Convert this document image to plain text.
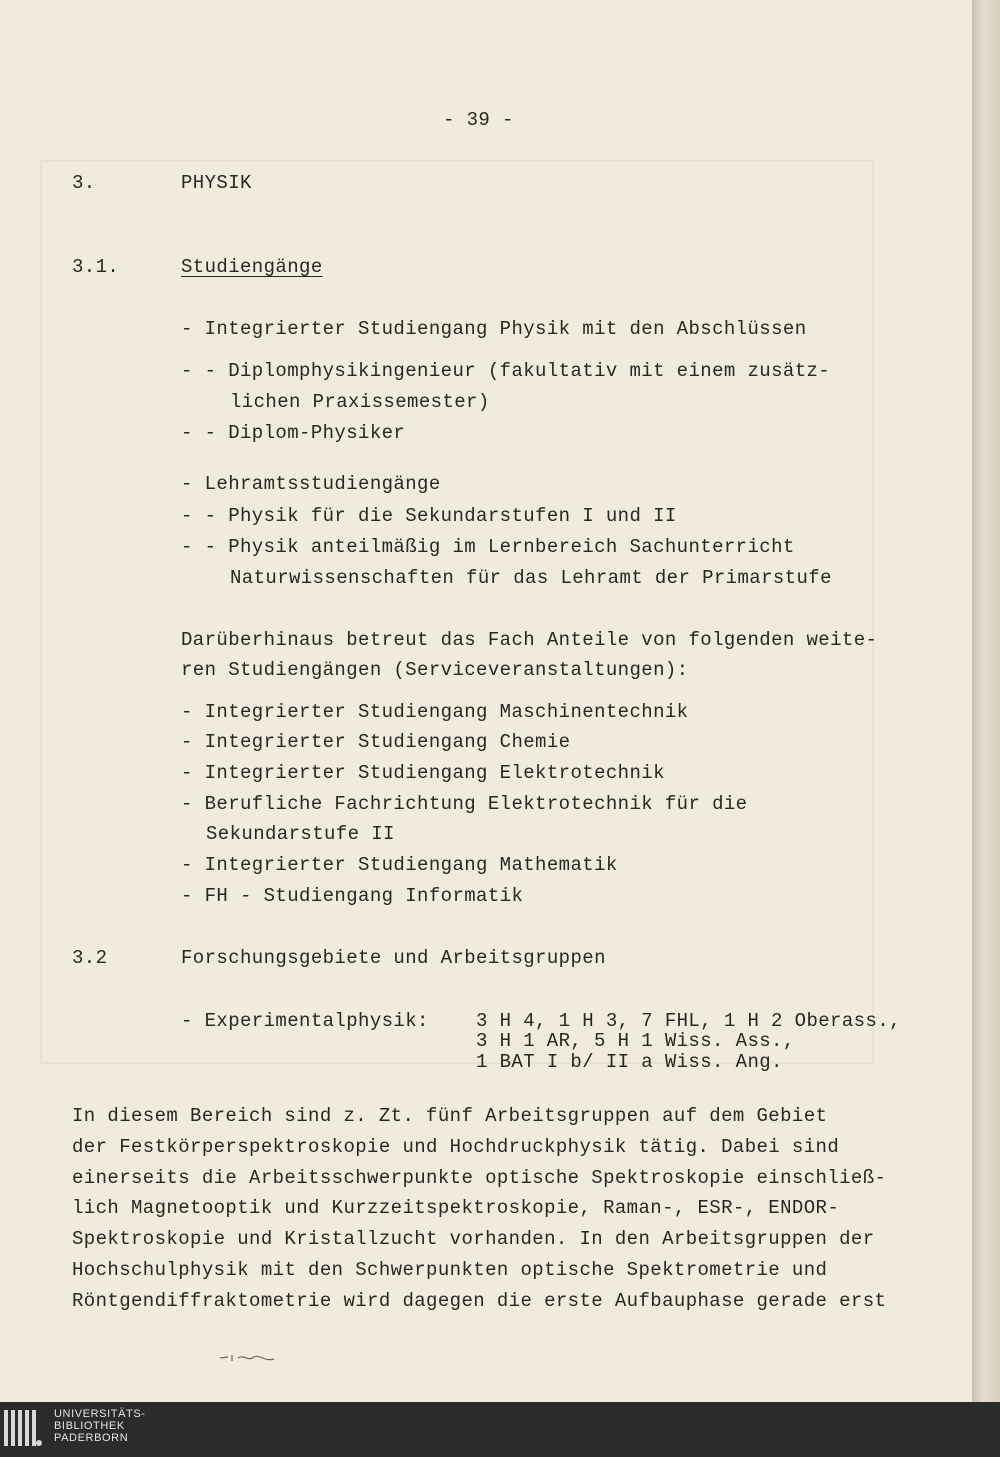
- 39 -
3.	PHYSIK
3.1.	Studiengänge
- Integrierter Studiengang Physik mit den Abschlüssen
- - Diplomphysikingenieur (fakultativ mit einem zusätz-
lichen Praxissemester)
- - Diplom-Physiker
- Lehramtsstudiengänge
- - Physik für die Sekundarstufen I und II
- - Physik anteilmäßig im Lernbereich Sachunterricht
Naturwissenschaften für das Lehramt der Primarstufe
Darüberhinaus betreut das Fach Anteile von folgenden weite-
ren Studiengängen (Serviceveranstaltungen):
- Integrierter Studiengang Maschinentechnik
- Integrierter Studiengang Chemie
- Integrierter Studiengang Elektrotechnik
- Berufliche Fachrichtung Elektrotechnik für die
Sekundarstufe II
- Integrierter Studiengang Mathematik
- FH - Studiengang Informatik
3.2	Forschungsgebiete und Arbeitsgruppen
- Experimentalphysik: 3 H 4, 1 H 3, 7 FHL, 1 H 2 Oberass.,
3 H 1 AR, 5 H 1 Wiss. Ass.,
1 BAT I b/ II a Wiss. Ang.
In diesem Bereich sind z. Zt. fünf Arbeitsgruppen auf dem Gebiet
der Festkörperspektroskopie und Hochdruckphysik tätig. Dabei sind
einerseits die Arbeitsschwerpunkte optische Spektroskopie einschließ-
lich Magnetooptik und Kurzzeitspektroskopie, Raman-, ESR-, ENDOR-
Spektroskopie und Kristallzucht vorhanden. In den Arbeitsgruppen der
Hochschulphysik mit den Schwerpunkten optische Spektrometrie und
Röntgendiffraktometrie wird dagegen die erste Aufbauphase gerade erst
UNIVERSITÄTS-
BIBLIOTHEK
PADERBORN
